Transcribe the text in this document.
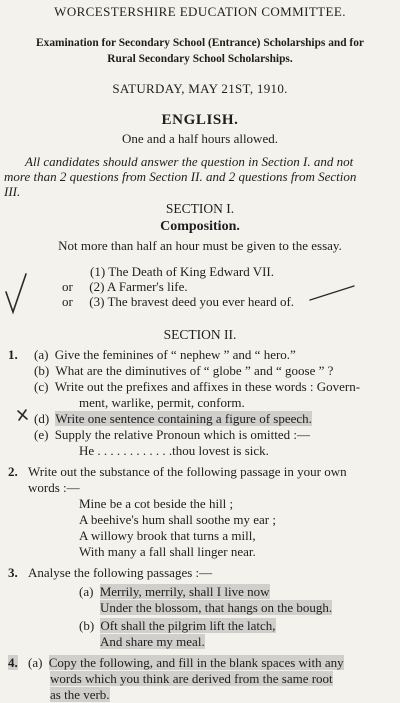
WORCESTERSHIRE EDUCATION COMMITTEE.
Examination for Secondary School (Entrance) Scholarships and for
Rural Secondary School Scholarships.
SATURDAY, MAY 21ST, 1910.
ENGLISH.
One and a half hours allowed.
All candidates should answer the question in Section I. and not
more than 2 questions from Section II. and 2 questions from Section
III.
SECTION I.
Composition.
Not more than half an hour must be given to the essay.
(1) The Death of King Edward VII.
or (2) A Farmer's life.
or (3) The bravest deed you ever heard of.
SECTION II.
1. (a) Give the feminines of “ nephew ” and “ hero.”
(b) What are the diminutives of “ globe ” and “ goose ” ?
(c) Write out the prefixes and affixes in these words : Govern-
ment, warlike, permit, conform.
(d) Write one sentence containing a figure of speech.
(e) Supply the relative Pronoun which is omitted :—
He . . . . . . . . . . . .thou lovest is sick.
2. Write out the substance of the following passage in your own
words :—
Mine be a cot beside the hill ;
A beehive's hum shall soothe my ear ;
A willowy brook that turns a mill,
With many a fall shall linger near.
3. Analyse the following passages :—
(a) Merrily, merrily, shall I live now
Under the blossom, that hangs on the bough.
(b) Oft shall the pilgrim lift the latch,
And share my meal.
4. (a) Copy the following, and fill in the blank spaces with any
words which you think are derived from the same root
as the verb.
